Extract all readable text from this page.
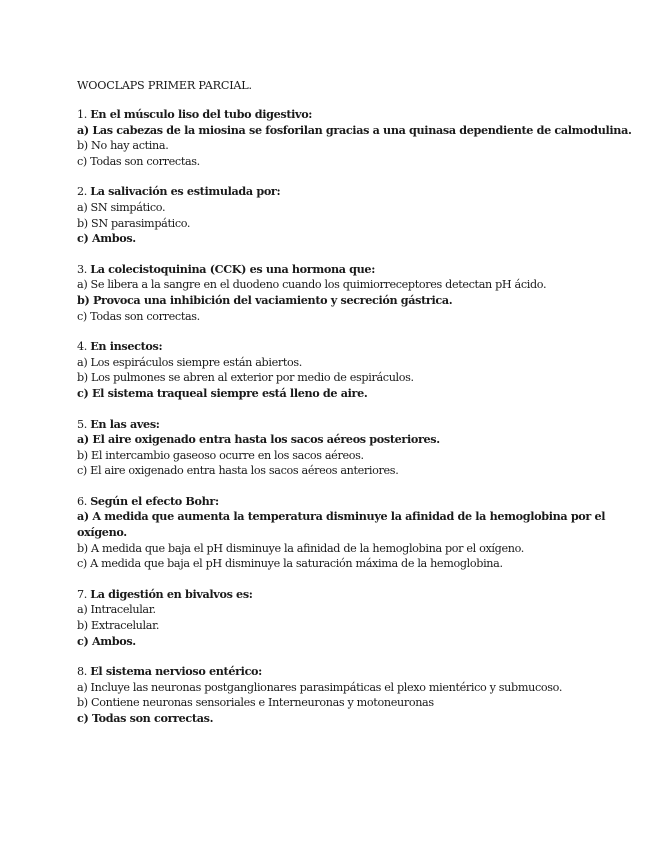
WOOCLAPS PRIMER PARCIAL.
1. En el músculo liso del tubo digestivo:
a) Las cabezas de la miosina se fosforilan gracias a una quinasa dependiente de calmodulina.
b) No hay actina.
c) Todas son correctas.
2. La salivación es estimulada por:
a) SN simpático.
b) SN parasimpático.
c) Ambos.
3. La colecistoquinina (CCK) es una hormona que:
a) Se libera a la sangre en el duodeno cuando los quimiorreceptores detectan pH ácido.
b) Provoca una inhibición del vaciamiento y secreción gástrica.
c) Todas son correctas.
4. En insectos:
a) Los espiráculos siempre están abiertos.
b) Los pulmones se abren al exterior por medio de espiráculos.
c) El sistema traqueal siempre está lleno de aire.
5. En las aves:
a) El aire oxigenado entra hasta los sacos aéreos posteriores.
b) El intercambio gaseoso ocurre en los sacos aéreos.
c) El aire oxigenado entra hasta los sacos aéreos anteriores.
6. Según el efecto Bohr:
a) A medida que aumenta la temperatura disminuye la afinidad de la hemoglobina por el oxígeno.
b) A medida que baja el pH disminuye la afinidad de la hemoglobina por el oxígeno.
c) A medida que baja el pH disminuye la saturación máxima de la hemoglobina.
7. La digestión en bivalvos es:
a) Intracelular.
b) Extracelular.
c) Ambos.
8. El sistema nervioso entérico:
a) Incluye las neuronas postganglionares parasimpáticas el plexo mientérico y submucoso.
b) Contiene neuronas sensoriales e Interneuronas y motoneuronas
c) Todas son correctas.
